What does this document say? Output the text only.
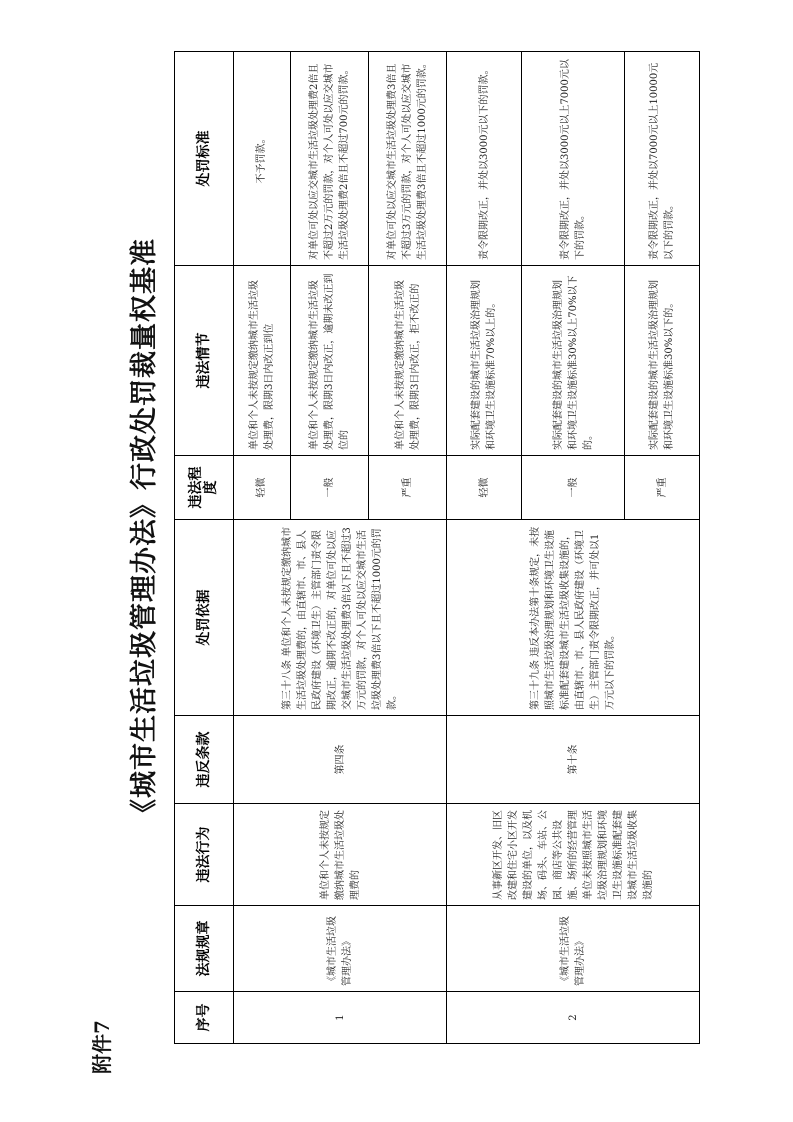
附件7
《城市生活垃圾管理办法》行政处罚裁量权基准
序号	法规规章	违法行为	违反条款	处罚依据	违法程度	违法情节	处罚标准
1	《城市生活垃圾管理办法》	单位和个人未按规定缴纳城市生活垃圾处理费的	第四条	第三十八条 单位和个人未按规定缴纳城市生活垃圾处理费的，由直辖市、市、县人民政府建设（环境卫生）主管部门责令限期改正，逾期不改正的，对单位可处以应交城市生活垃圾处理费3倍以下且不超过3万元的罚款，对个人可处以应交城市生活垃圾处理费3倍以下且不超过1000元的罚款。	轻微	单位和个人未按规定缴纳城市生活垃圾处理费，限期3日内改正到位	不予罚款。
					一般	单位和个人未按规定缴纳城市生活垃圾处理费，限期3日内改正，逾期未改正到位的	对单位可处以应交城市生活垃圾处理费2倍且不超过2万元的罚款，对个人可处以应交城市生活垃圾处理费2倍且不超过700元的罚款。
					严重	单位和个人未按规定缴纳城市生活垃圾处理费，限期3日内改正，拒不改正的	对单位可处以应交城市生活垃圾处理费3倍且不超过3万元的罚款，对个人可处以应交城市生活垃圾处理费3倍且不超过1000元的罚款。
2	《城市生活垃圾管理办法》	从事新区开发、旧区改建和住宅小区开发建设的单位，以及机场、码头、车站、公园、商店等公共设施、场所的经营管理单位未按照城市生活垃圾治理规划和环境卫生设施标准配套建设城市生活垃圾收集设施的	第十条	第三十九条 违反本办法第十条规定，未按照城市生活垃圾治理规划和环境卫生设施标准配套建设城市生活垃圾收集设施的，由直辖市、市、县人民政府建设（环境卫生）主管部门责令限期改正，并可处以1万元以下的罚款。	轻微	实际配套建设的城市生活垃圾治理规划和环境卫生设施标准70%以上的。	责令限期改正，并处以3000元以下的罚款。
					一般	实际配套建设的城市生活垃圾治理规划和环境卫生设施标准30%以上70%以下的。	责令限期改正，并处以3000元以上7000元以下的罚款。
					严重	实际配套建设的城市生活垃圾治理规划和环境卫生设施标准30%以下的。	责令限期改正，并处以7000元以上10000元以下的罚款。
